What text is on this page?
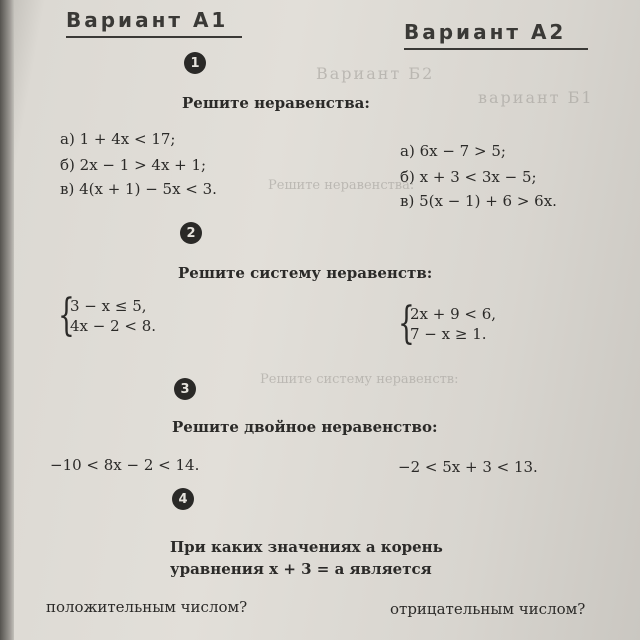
вариант Б1
Вариант Б2
Решите систему неравенств:
Решите неравенства:
Вариант А1	Вариант А2
1
Решите неравенства:
а) 1 + 4x < 17;
б) 2x − 1 > 4x + 1;
в) 4(x + 1) − 5x < 3.
а) 6x − 7 > 5;
б) x + 3 < 3x − 5;
в) 5(x − 1) + 6 > 6x.
2
Решите систему неравенств:
{
3 − x ≤ 5,
4x − 2 < 8.	{
2x + 9 < 6,
7 − x ≥ 1.
3
Решите двойное неравенство:
−10 < 8x − 2 < 14.	−2 < 5x + 3 < 13.
4
При каких значениях a корень
уравнения x + 3 = a является
положительным числом?	отрицательным числом?
